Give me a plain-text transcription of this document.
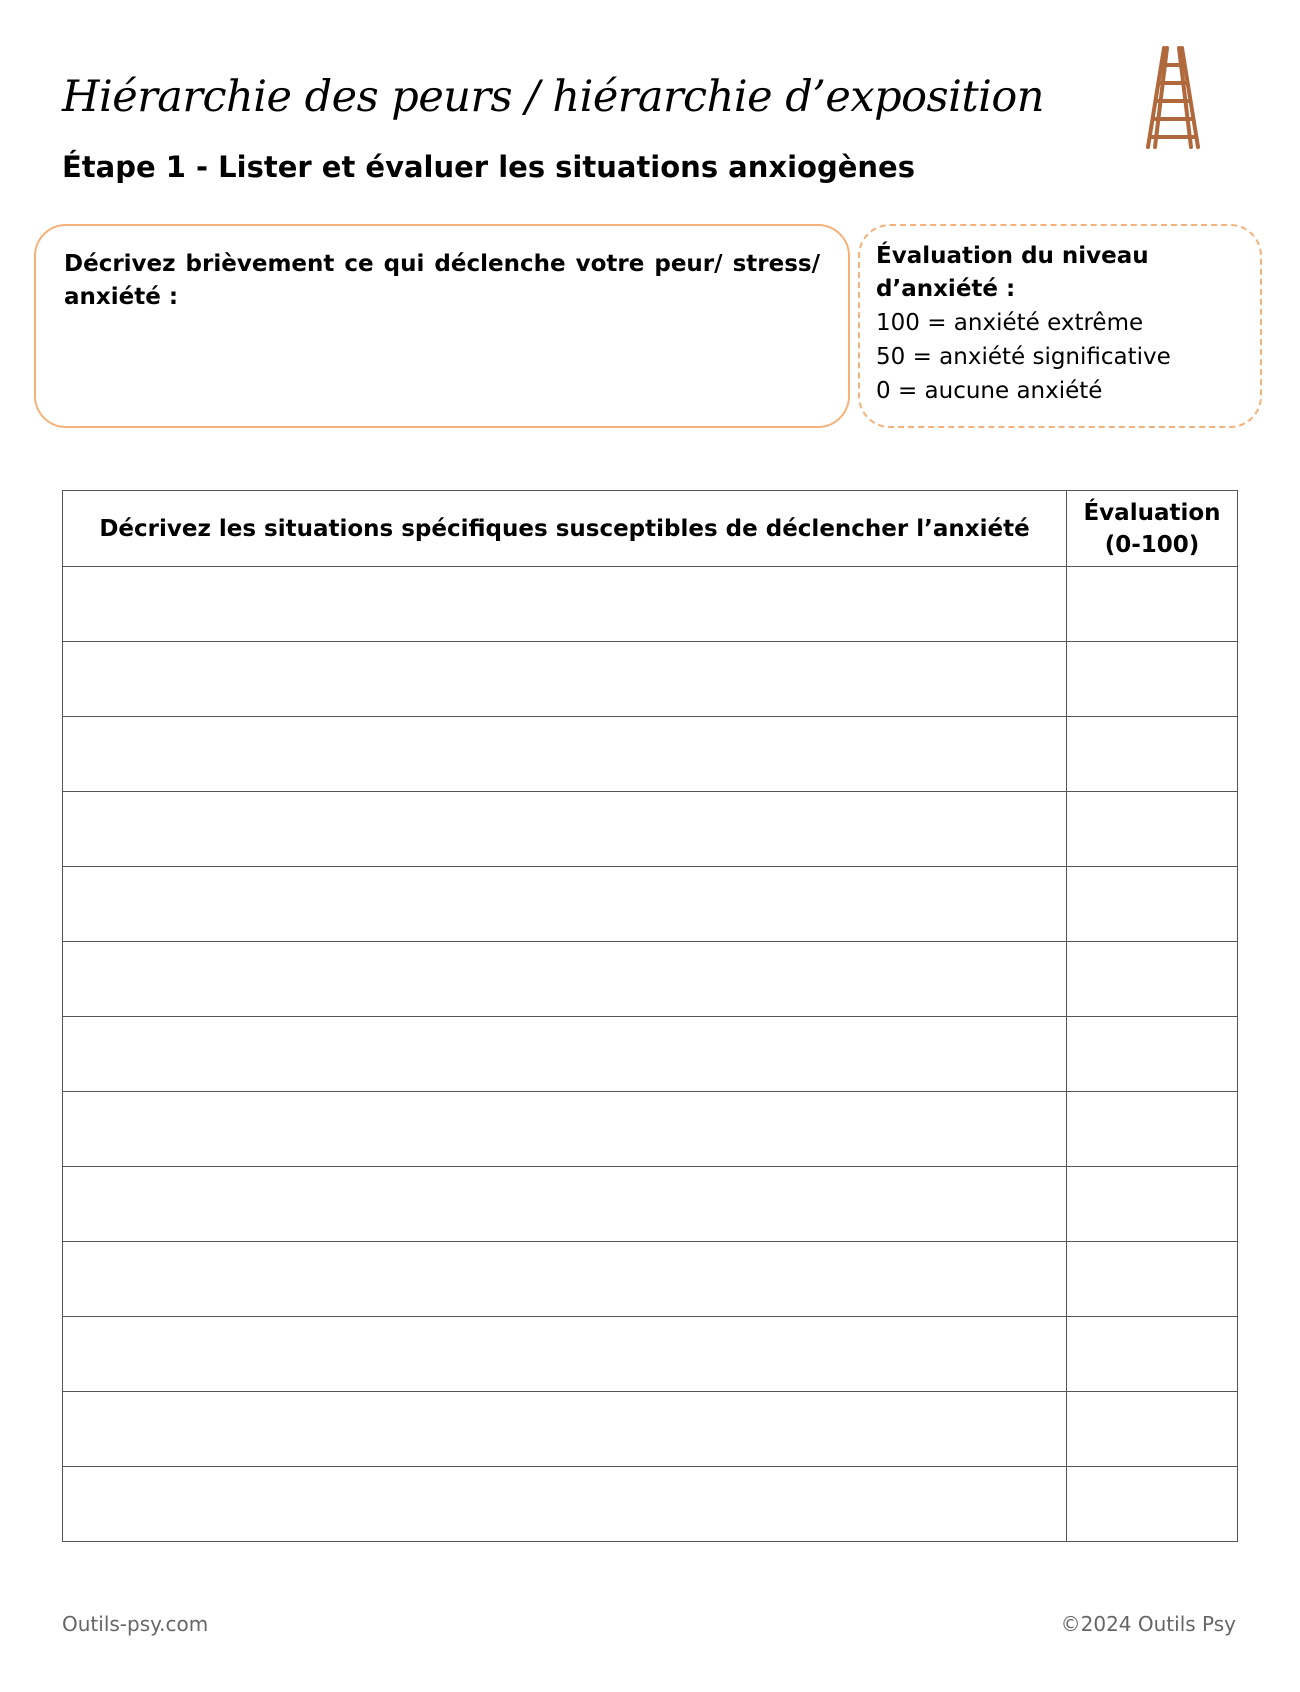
Hiérarchie des peurs / hiérarchie d’exposition
Étape 1 - Lister et évaluer les situations anxiogènes
Décrivez brièvement ce qui déclenche votre peur/ stress/ anxiété :
Évaluation du niveau d’anxiété :
100 = anxiété extrême
50 = anxiété significative
0 = aucune anxiété
Décrivez les situations spécifiques susceptibles de déclencher l’anxiété	Évaluation
(0-100)

Outils-psy.com	©2024 Outils Psy
